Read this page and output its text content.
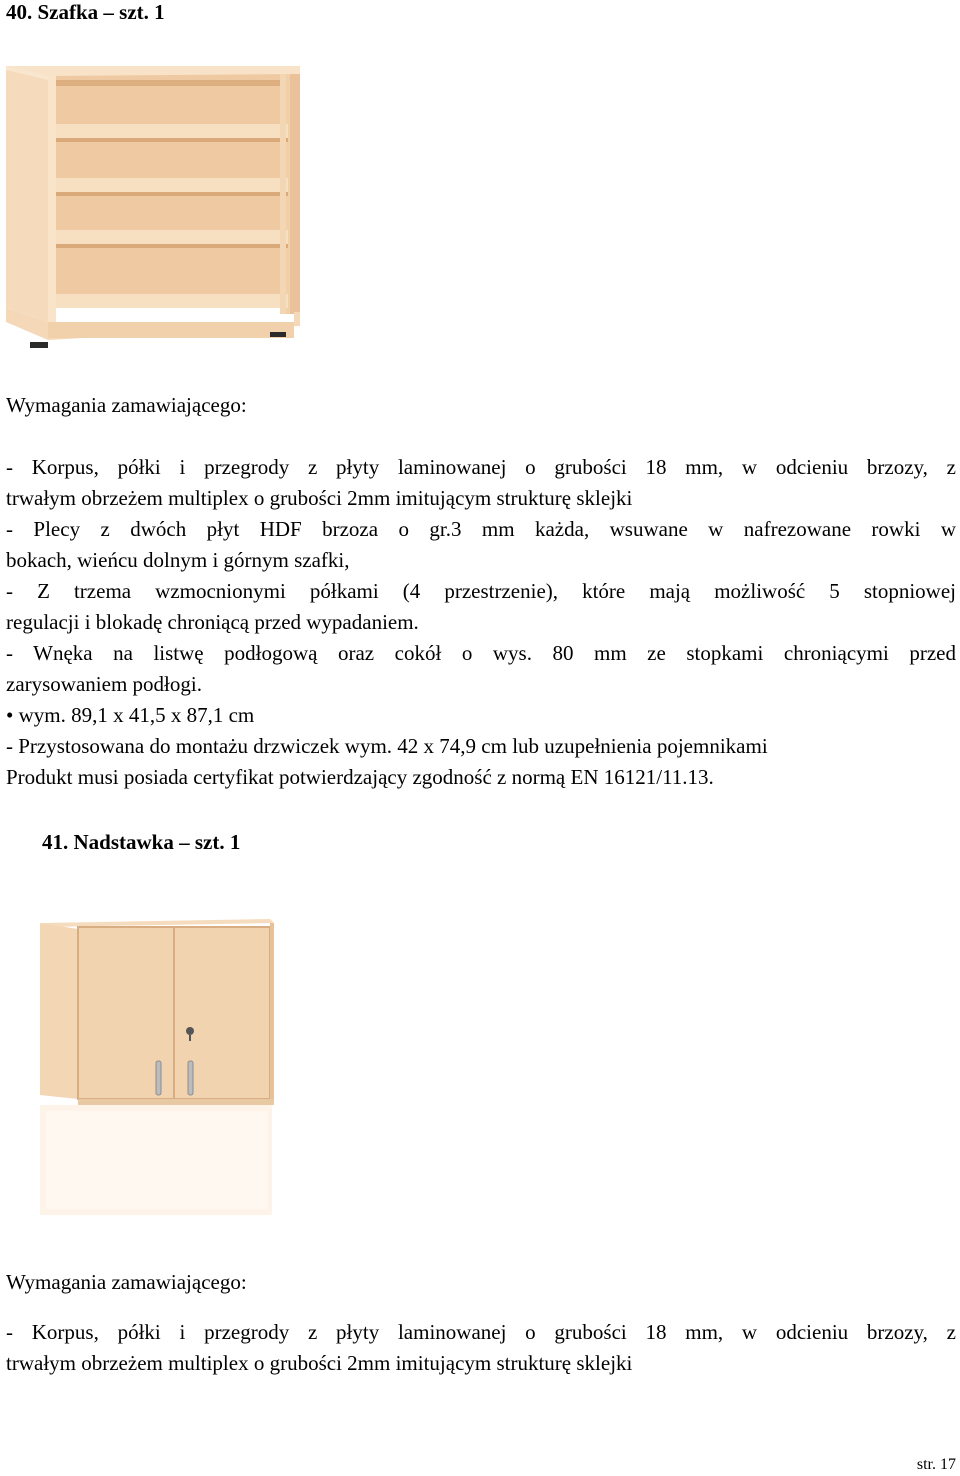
40. Szafka – szt. 1
Wymagania zamawiającego:
- Korpus, półki i przegrody z płyty laminowanej o grubości 18 mm, w odcieniu brzozy, z
trwałym obrzeżem multiplex o grubości 2mm imitującym strukturę sklejki
- Plecy z dwóch płyt HDF brzoza o gr.3 mm każda, wsuwane w nafrezowane rowki w
bokach, wieńcu dolnym i górnym szafki,
- Z trzema wzmocnionymi półkami (4 przestrzenie), które mają możliwość 5 stopniowej
regulacji i blokadę chroniącą przed wypadaniem.
- Wnęka na listwę podłogową oraz cokół o wys. 80 mm ze stopkami chroniącymi przed
zarysowaniem podłogi.
• wym. 89,1 x 41,5 x 87,1 cm
- Przystosowana do montażu drzwiczek wym. 42 x 74,9 cm lub uzupełnienia pojemnikami
Produkt musi posiada certyfikat potwierdzający zgodność z normą EN 16121/11.13.
41. Nadstawka – szt. 1
Wymagania zamawiającego:
- Korpus, półki i przegrody z płyty laminowanej o grubości 18 mm, w odcieniu brzozy, z
trwałym obrzeżem multiplex o grubości 2mm imitującym strukturę sklejki
str. 17
